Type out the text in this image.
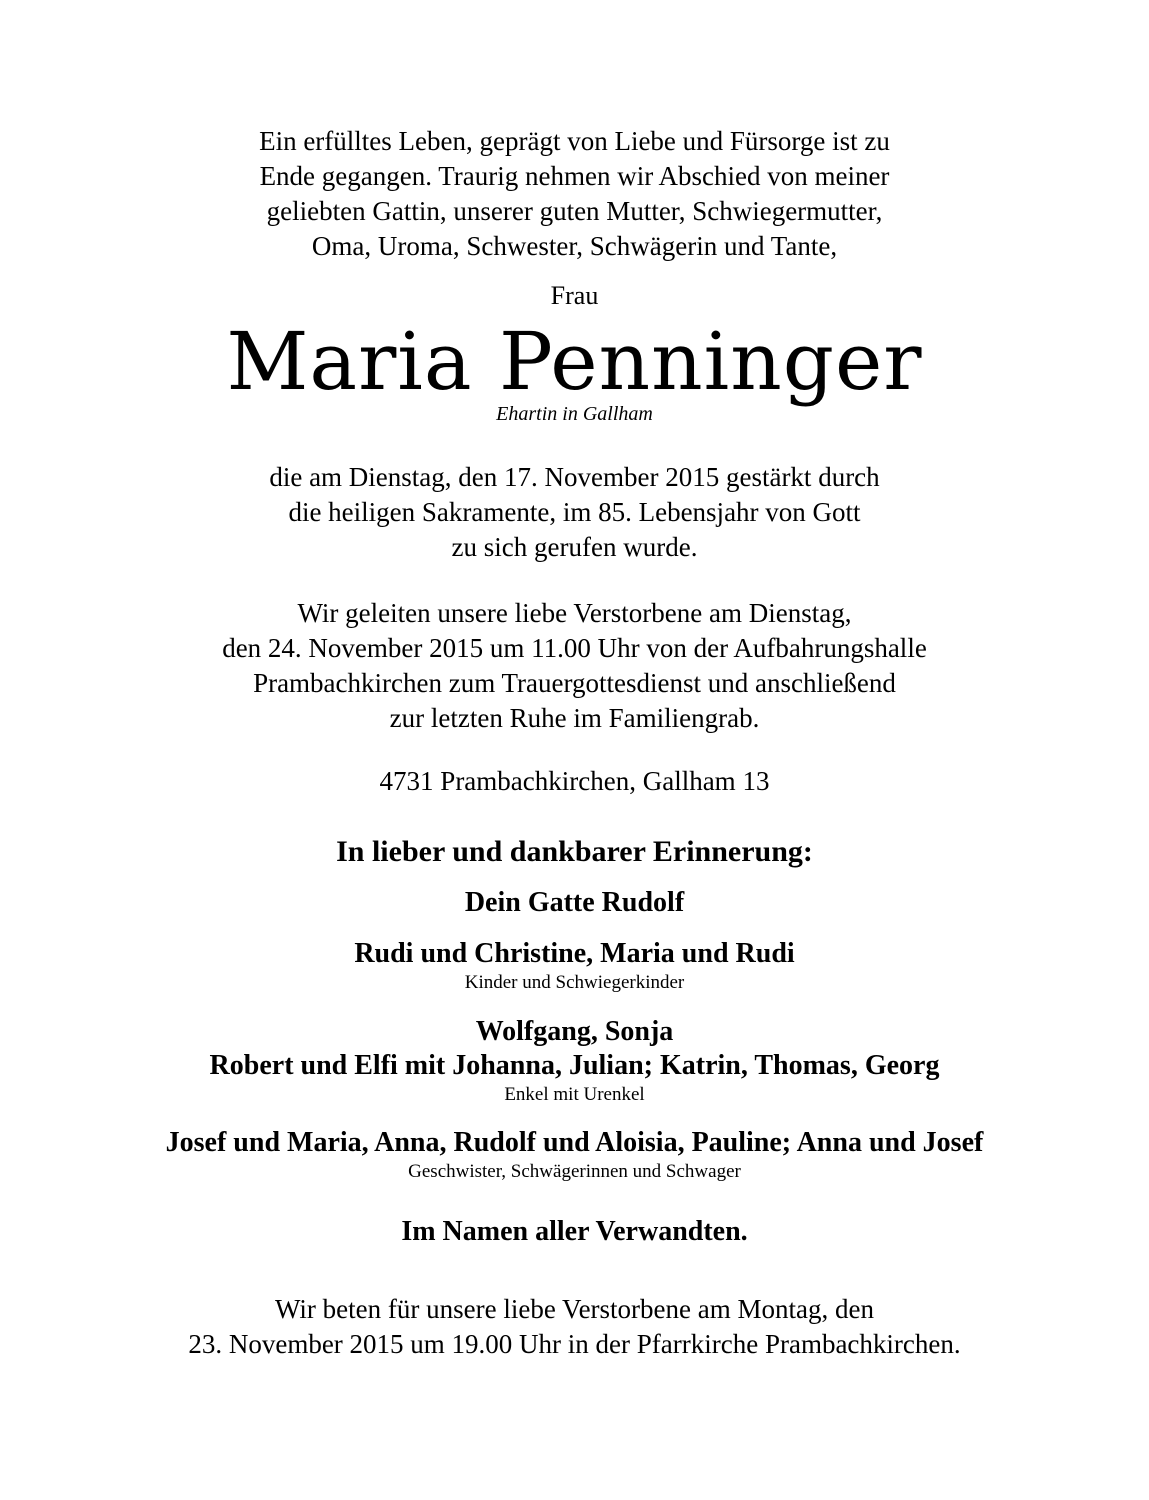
Ein erfülltes Leben, geprägt von Liebe und Fürsorge ist zu
Ende gegangen. Traurig nehmen wir Abschied von meiner
geliebten Gattin, unserer guten Mutter, Schwiegermutter,
Oma, Uroma, Schwester, Schwägerin und Tante,

Frau

Maria Penninger

Ehartin in Gallham

die am Dienstag, den 17. November 2015 gestärkt durch
die heiligen Sakramente, im 85. Lebensjahr von Gott
zu sich gerufen wurde.

Wir geleiten unsere liebe Verstorbene am Dienstag,
den 24. November 2015 um 11.00 Uhr von der Aufbahrungshalle
Prambachkirchen zum Trauergottesdienst und anschließend
zur letzten Ruhe im Familiengrab.

4731 Prambachkirchen, Gallham 13

In lieber und dankbarer Erinnerung:

Dein Gatte Rudolf

Rudi und Christine, Maria und Rudi
Kinder und Schwiegerkinder
Wolfgang, Sonja
Robert und Elfi mit Johanna, Julian; Katrin, Thomas, Georg
Enkel mit Urenkel
Josef und Maria, Anna, Rudolf und Aloisia, Pauline; Anna und Josef
Geschwister, Schwägerinnen und Schwager

Im Namen aller Verwandten.

Wir beten für unsere liebe Verstorbene am Montag, den
23. November 2015 um 19.00 Uhr in der Pfarrkirche Prambachkirchen.
